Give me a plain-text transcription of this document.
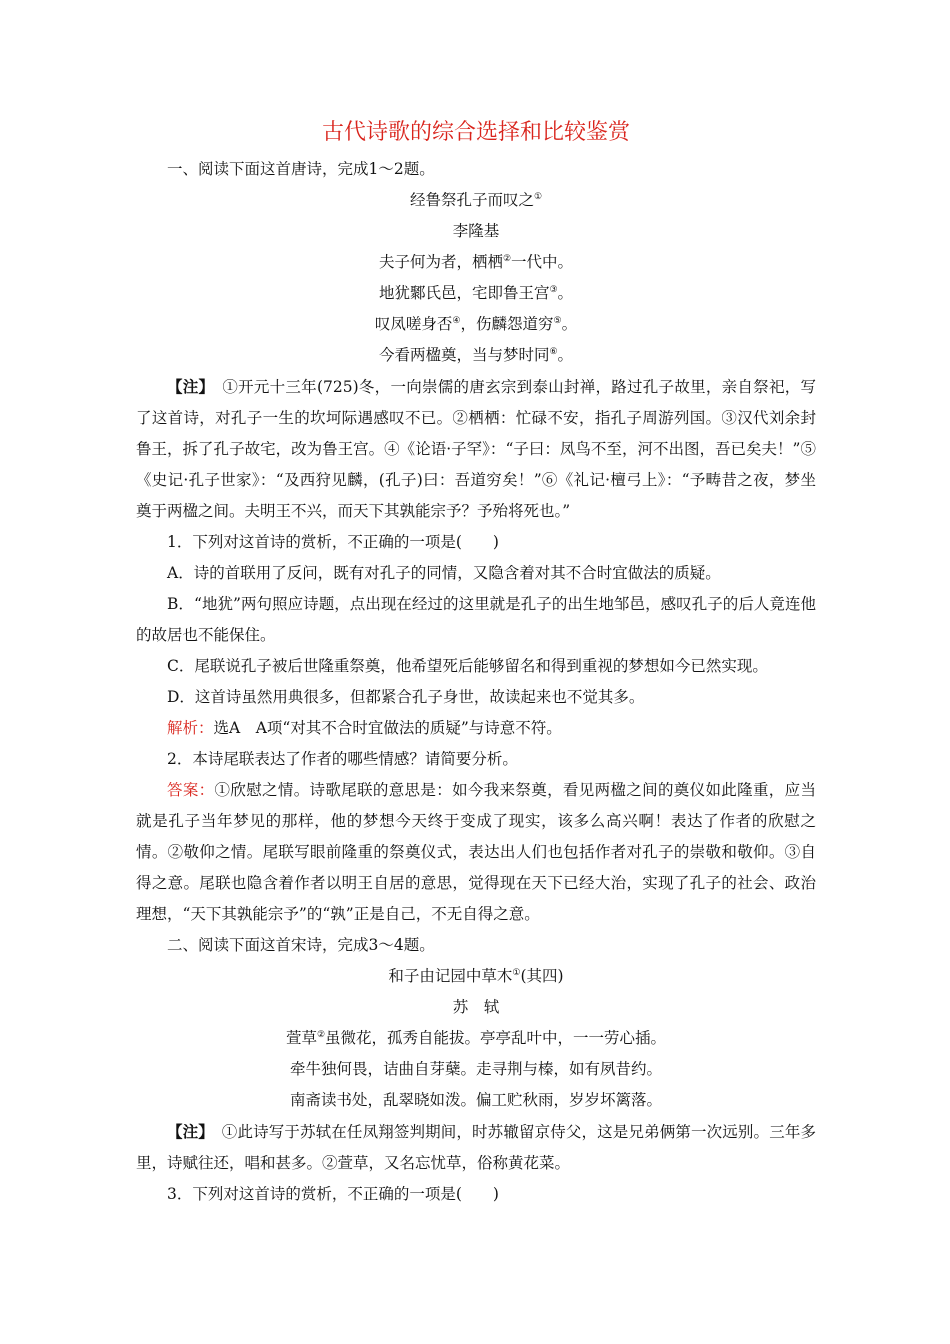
古代诗歌的综合选择和比较鉴赏

一、阅读下面这首唐诗，完成1～2题。

经鲁祭孔子而叹之①

李隆基

夫子何为者，栖栖②一代中。

地犹鄹氏邑，宅即鲁王宫③。

叹凤嗟身否④，伤麟怨道穷⑤。

今看两楹奠，当与梦时同⑥。

【注】　①开元十三年(725)冬，一向崇儒的唐玄宗到泰山封禅，路过孔子故里，亲自祭祀，写了这首诗，对孔子一生的坎坷际遇感叹不已。②栖栖：忙碌不安，指孔子周游列国。③汉代刘余封鲁王，拆了孔子故宅，改为鲁王宫。④《论语·子罕》：“子曰：凤鸟不至，河不出图，吾已矣夫！”⑤《史记·孔子世家》：“及西狩见麟，(孔子)曰：吾道穷矣！”⑥《礼记·檀弓上》：“予畴昔之夜，梦坐奠于两楹之间。夫明王不兴，而天下其孰能宗予？予殆将死也。”

1．下列对这首诗的赏析，不正确的一项是(　　)

A．诗的首联用了反问，既有对孔子的同情，又隐含着对其不合时宜做法的质疑。

B．“地犹”两句照应诗题，点出现在经过的这里就是孔子的出生地邹邑，感叹孔子的后人竟连他的故居也不能保住。

C．尾联说孔子被后世隆重祭奠，他希望死后能够留名和得到重视的梦想如今已然实现。

D．这首诗虽然用典很多，但都紧合孔子身世，故读起来也不觉其多。

解析：选A　A项“对其不合时宜做法的质疑”与诗意不符。

2．本诗尾联表达了作者的哪些情感？请简要分析。

答案：①欣慰之情。诗歌尾联的意思是：如今我来祭奠，看见两楹之间的奠仪如此隆重，应当就是孔子当年梦见的那样，他的梦想今天终于变成了现实，该多么高兴啊！表达了作者的欣慰之情。②敬仰之情。尾联写眼前隆重的祭奠仪式，表达出人们也包括作者对孔子的崇敬和敬仰。③自得之意。尾联也隐含着作者以明王自居的意思，觉得现在天下已经大治，实现了孔子的社会、政治理想，“天下其孰能宗予”的“孰”正是自己，不无自得之意。

二、阅读下面这首宋诗，完成3～4题。

和子由记园中草木①(其四)

苏　轼

萱草②虽微花，孤秀自能拔。亭亭乱叶中，一一劳心插。

牵牛独何畏，诘曲自芽蘖。走寻荆与榛，如有夙昔约。

南斋读书处，乱翠晓如泼。偏工贮秋雨，岁岁坏篱落。

【注】　①此诗写于苏轼在任凤翔签判期间，时苏辙留京侍父，这是兄弟俩第一次远别。三年多里，诗赋往还，唱和甚多。②萱草，又名忘忧草，俗称黄花菜。

3．下列对这首诗的赏析，不正确的一项是(　　)
